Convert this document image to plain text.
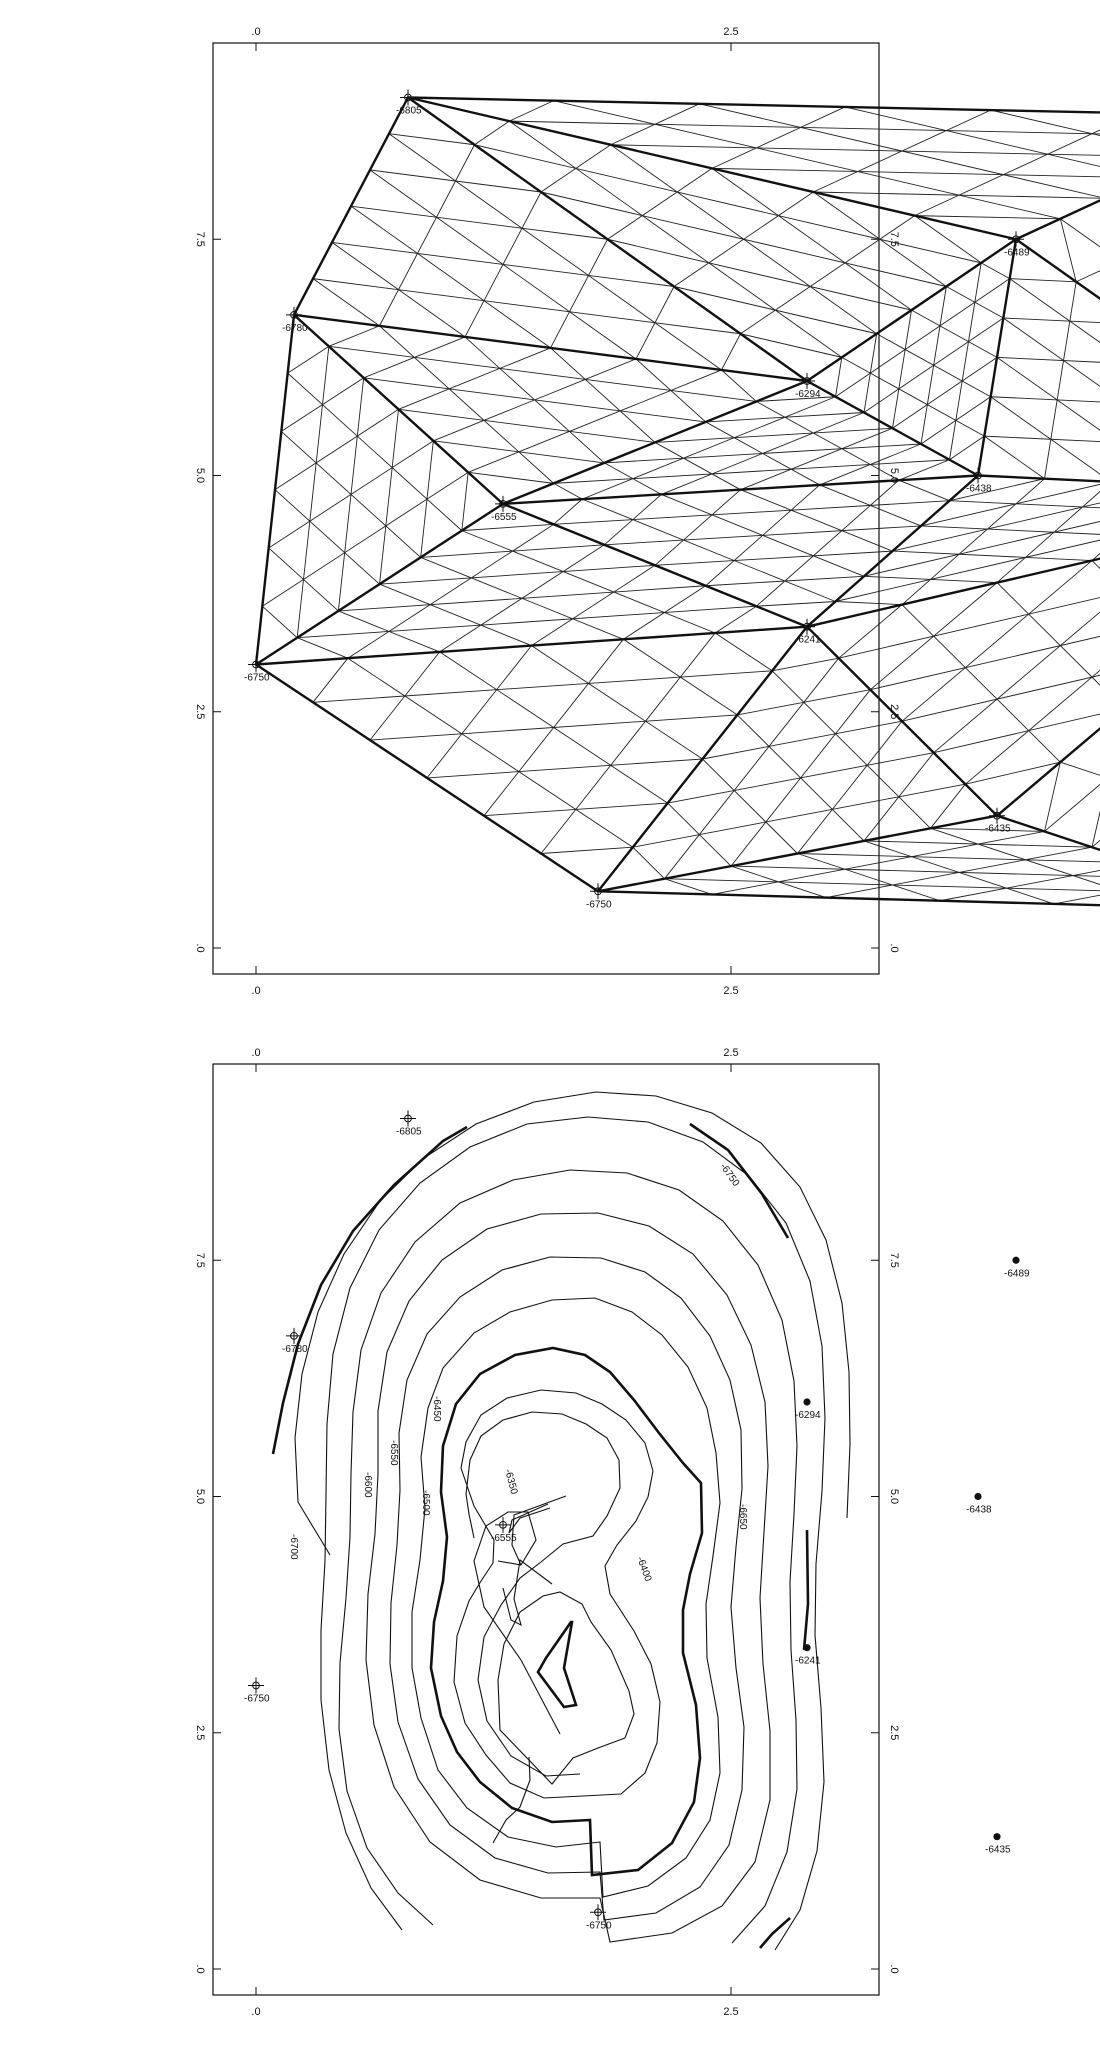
-6805
-6489
-6780
-6294
-6438
-6555
-6241
-6750
-6435
-6750
.0
.0
2.5
2.5
.0	.0
2.5	2.5
5.0	5.0
7.5	7.5
-6350
-6400
-6450
-6500
-6550
-6600
-6650
-6700
-6750
-6805
-6489
-6780
-6294
-6438
-6555
-6241
-6750
-6435
-6750
.0
.0
2.5
2.5
.0	.0
2.5	2.5
5.0	5.0
7.5	7.5
